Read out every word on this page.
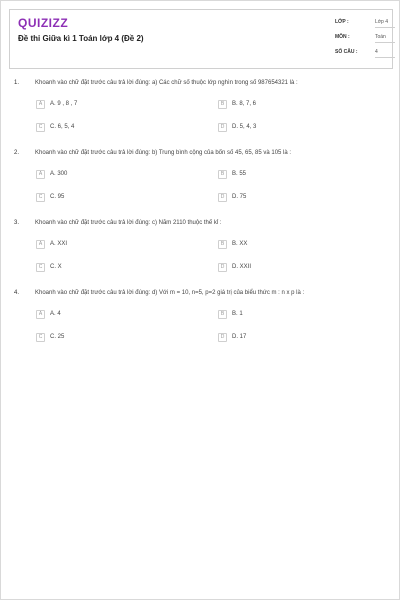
QUIZIZZ
Đề thi Giữa kì 1 Toán lớp 4 (Đề 2)
LỚP :	Lớp 4
MÔN :	Toán
SỐ CÂU :	4
1.	Khoanh vào chữ đặt trước câu trả lời đúng: a) Các chữ số thuộc lớp nghìn trong số 987654321 là :
A	A. 9 , 8 , 7	B	B. 8, 7, 6
C	C. 6, 5, 4	D	D. 5, 4, 3
2.	Khoanh vào chữ đặt trước câu trả lời đúng: b) Trung bình cộng của bốn số 45, 65, 85 và 105 là :
A	A. 300	B	B. 55
C	C. 95	D	D. 75
3.	Khoanh vào chữ đặt trước câu trả lời đúng: c) Năm 2110 thuộc thế kỉ :
A	A. XXI	B	B. XX
C	C. X	D	D. XXII
4.	Khoanh vào chữ đặt trước câu trả lời đúng: d) Với m = 10, n=5, p=2 giá trị của biểu thức m : n x p là :
A	A. 4	B	B. 1
C	C. 25	D	D. 17
